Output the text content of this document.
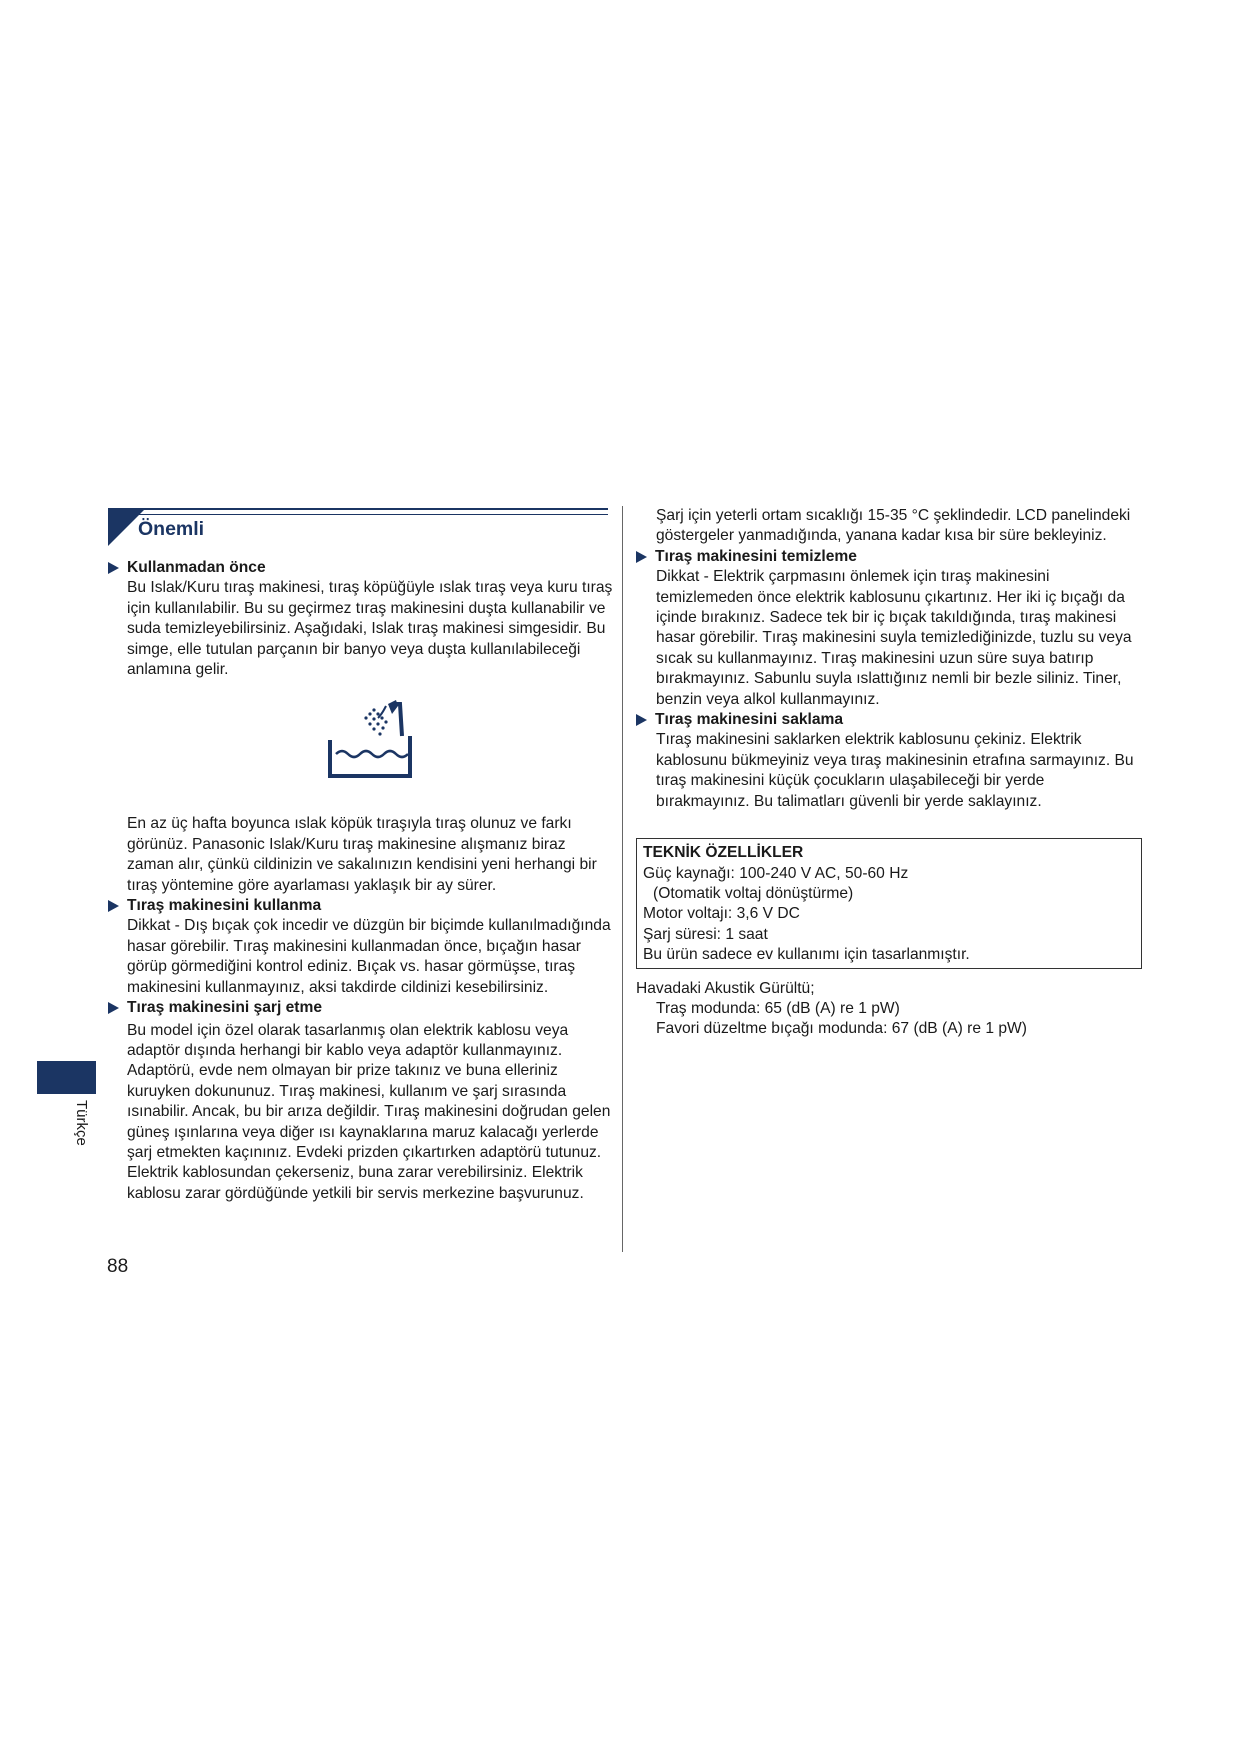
Önemli
Türkçe
88

Kullanmadan önce

Bu Islak/Kuru tıraş makinesi, tıraş köpüğüyle ıslak tıraş veya kuru tıraş için kullanılabilir. Bu su geçirmez tıraş makinesini duşta kullanabilir ve suda temizleyebilirsiniz. Aşağıdaki, Islak tıraş makinesi simgesidir. Bu simge, elle tutulan parçanın bir banyo veya duşta kullanılabileceği anlamına gelir.

En az üç hafta boyunca ıslak köpük tıraşıyla tıraş olunuz ve farkı görünüz. Panasonic Islak/Kuru tıraş makinesine alışmanız biraz zaman alır, çünkü cildinizin ve sakalınızın kendisini yeni herhangi bir tıraş yöntemine göre ayarlaması yaklaşık bir ay sürer.

Tıraş makinesini kullanma

Dikkat - Dış bıçak çok incedir ve düzgün bir biçimde kullanılmadığında hasar görebilir. Tıraş makinesini kullanmadan önce, bıçağın hasar görüp görmediğini kontrol ediniz. Bıçak vs. hasar görmüşse, tıraş makinesini kullanmayınız, aksi takdirde cildinizi kesebilirsiniz.

Tıraş makinesini şarj etme

Bu model için özel olarak tasarlanmış olan elektrik kablosu veya adaptör dışında herhangi bir kablo veya adaptör kullanmayınız. Adaptörü, evde nem olmayan bir prize takınız ve buna elleriniz kuruyken dokununuz. Tıraş makinesi, kullanım ve şarj sırasında ısınabilir. Ancak, bu bir arıza değildir. Tıraş makinesini doğrudan gelen güneş ışınlarına veya diğer ısı kaynaklarına maruz kalacağı yerlerde şarj etmekten kaçınınız. Evdeki prizden çıkartırken adaptörü tutunuz. Elektrik kablosundan çekerseniz, buna zarar verebilirsiniz. Elektrik kablosu zarar gördüğünde yetkili bir servis merkezine başvurunuz.

Şarj için yeterli ortam sıcaklığı 15-35 °C şeklindedir. LCD panelindeki göstergeler yanmadığında, yanana kadar kısa bir süre bekleyiniz.

Tıraş makinesini temizleme

Dikkat - Elektrik çarpmasını önlemek için tıraş makinesini temizlemeden önce elektrik kablosunu çıkartınız. Her iki iç bıçağı da içinde bırakınız. Sadece tek bir iç bıçak takıldığında, tıraş makinesi hasar görebilir. Tıraş makinesini suyla temizlediğinizde, tuzlu su veya sıcak su kullanmayınız. Tıraş makinesini uzun süre suya batırıp bırakmayınız. Sabunlu suyla ıslattığınız nemli bir bezle siliniz. Tiner, benzin veya alkol kullanmayınız.

Tıraş makinesini saklama

Tıraş makinesini saklarken elektrik kablosunu çekiniz. Elektrik kablosunu bükmeyiniz veya tıraş makinesinin etrafına sarmayınız. Bu tıraş makinesini küçük çocukların ulaşabileceği bir yerde bırakmayınız. Bu talimatları güvenli bir yerde saklayınız.

TEKNİK ÖZELLİKLER

Güç kaynağı: 100-240 V AC, 50-60 Hz

(Otomatik voltaj dönüştürme)

Motor voltajı: 3,6 V DC

Şarj süresi: 1 saat

Bu ürün sadece ev kullanımı için tasarlanmıştır.

Havadaki Akustik Gürültü;

Traş modunda: 65 (dB (A) re 1 pW)

Favori düzeltme bıçağı modunda: 67 (dB (A) re 1 pW)
